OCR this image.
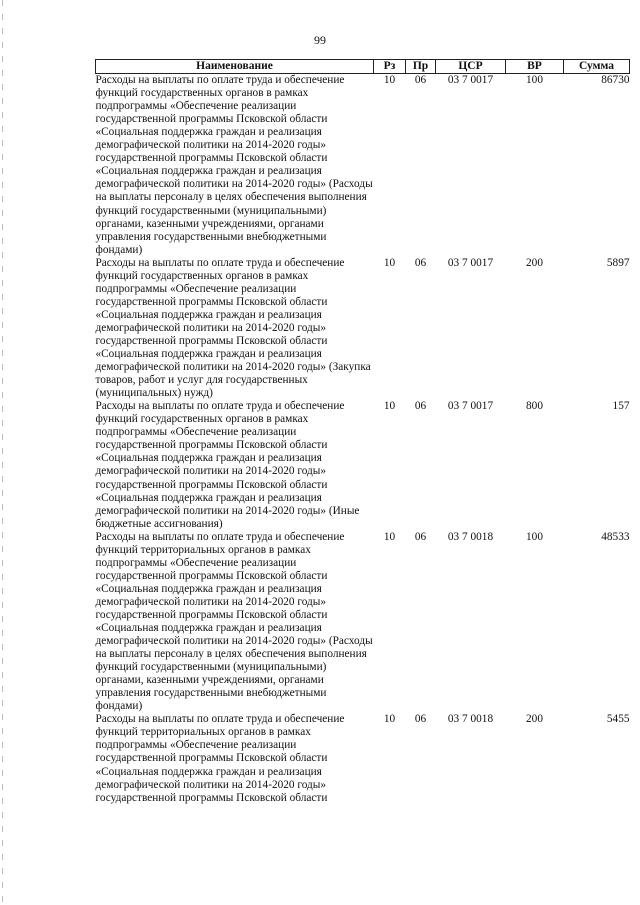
99
Наименование	Рз	Пр	ЦСР	ВР	Сумма
Расходы на выплаты по оплате труда и обеспечение функций государственных органов в рамках подпрограммы «Обеспечение реализации государственной программы Псковской области «Социальная поддержка граждан и реализация демографической политики на 2014-2020 годы» государственной программы Псковской области «Социальная поддержка граждан и реализация демографической политики на 2014-2020 годы» (Расходы на выплаты персоналу в целях обеспечения выполнения функций государственными (муниципальными) органами, казенными учреждениями, органами управления государственными внебюджетными фондами)	10	06	03 7 0017	100	86730
Расходы на выплаты по оплате труда и обеспечение функций государственных органов в рамках подпрограммы «Обеспечение реализации государственной программы Псковской области «Социальная поддержка граждан и реализация демографической политики на 2014-2020 годы» государственной программы Псковской области «Социальная поддержка граждан и реализация демографической политики на 2014-2020 годы» (Закупка товаров, работ и услуг для государственных (муниципальных) нужд)	10	06	03 7 0017	200	5897
Расходы на выплаты по оплате труда и обеспечение функций государственных органов в рамках подпрограммы «Обеспечение реализации государственной программы Псковской области «Социальная поддержка граждан и реализация демографической политики на 2014-2020 годы» государственной программы Псковской области «Социальная поддержка граждан и реализация демографической политики на 2014-2020 годы» (Иные бюджетные ассигнования)	10	06	03 7 0017	800	157
Расходы на выплаты по оплате труда и обеспечение функций территориальных органов в рамках подпрограммы «Обеспечение реализации государственной программы Псковской области «Социальная поддержка граждан и реализация демографической политики на 2014-2020 годы» государственной программы Псковской области «Социальная поддержка граждан и реализация демографической политики на 2014-2020 годы» (Расходы на выплаты персоналу в целях обеспечения выполнения функций государственными (муниципальными) органами, казенными учреждениями, органами управления государственными внебюджетными фондами)	10	06	03 7 0018	100	48533
Расходы на выплаты по оплате труда и обеспечение функций территориальных органов в рамках подпрограммы «Обеспечение реализации государственной программы Псковской области «Социальная поддержка граждан и реализация демографической политики на 2014-2020 годы» государственной программы Псковской области	10	06	03 7 0018	200	5455
